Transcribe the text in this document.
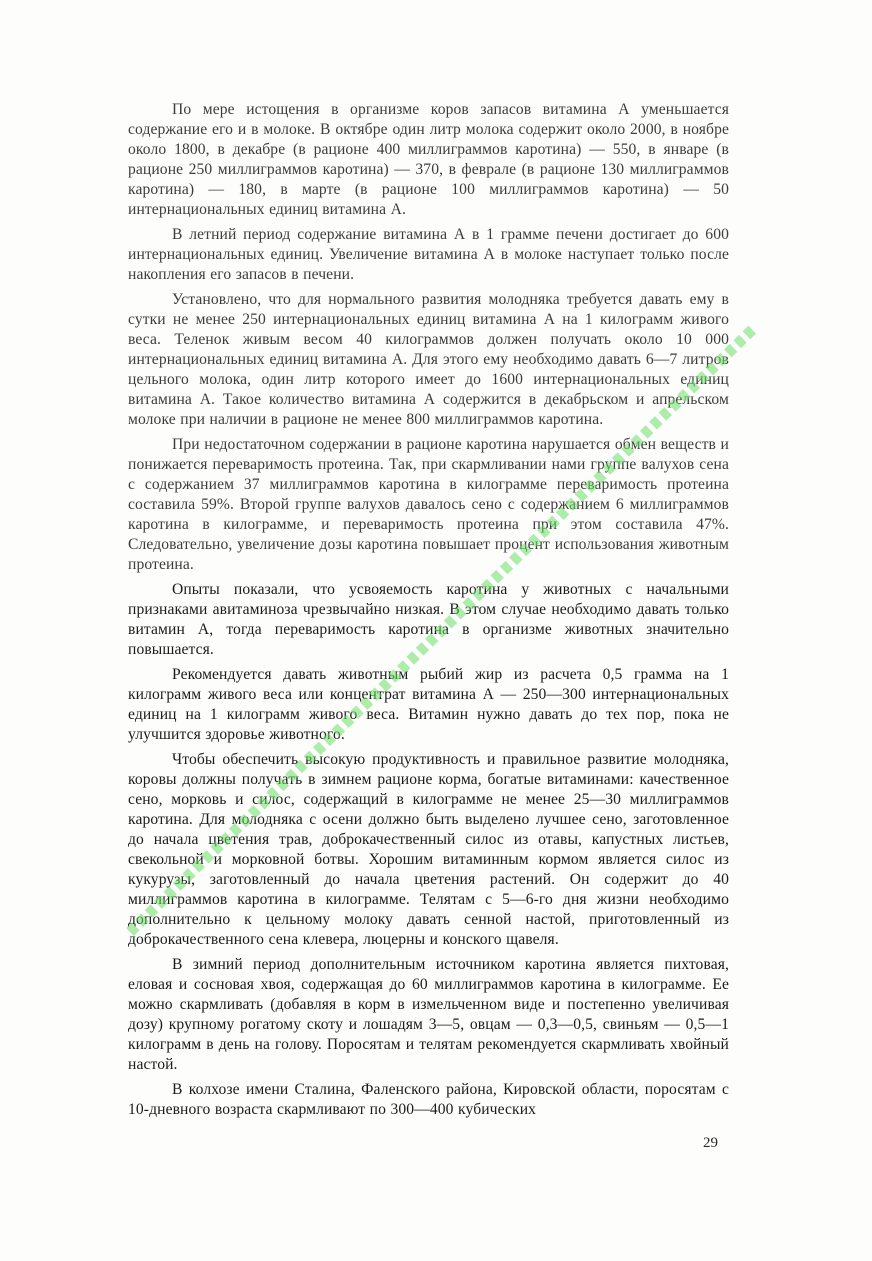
По мере истощения в организме коров запасов витамина А уменьшается содержание его и в молоке. В октябре один литр молока содержит около 2000, в ноябре около 1800, в декабре (в рационе 400 миллиграммов каротина) — 550, в январе (в рационе 250 миллиграммов каротина) — 370, в феврале (в рационе 130 миллиграммов каротина) — 180, в марте (в рационе 100 миллиграммов каротина) — 50 интернациональных единиц витамина А.

В летний период содержание витамина А в 1 грамме печени достигает до 600 интернациональных единиц. Увеличение витамина А в молоке наступает только после накопления его запасов в печени.

Установлено, что для нормального развития молодняка требуется давать ему в сутки не менее 250 интернациональных единиц витамина А на 1 килограмм живого веса. Теленок живым весом 40 килограммов должен получать около 10 000 интернациональных единиц витамина А. Для этого ему необходимо давать 6—7 литров цельного молока, один литр которого имеет до 1600 интернациональных единиц витамина А. Такое количество витамина А содержится в декабрьском и апрельском молоке при наличии в рационе не менее 800 миллиграммов каротина.

При недостаточном содержании в рационе каротина нарушается обмен веществ и понижается переваримость протеина. Так, при скармливании нами группе валухов сена с содержанием 37 миллиграммов каротина в килограмме переваримость протеина составила 59%. Второй группе валухов давалось сено с содержанием 6 миллиграммов каротина в килограмме, и переваримость протеина при этом составила 47%. Следовательно, увеличение дозы каротина повышает процент использования животным протеина.

Опыты показали, что усвояемость каротина у животных с начальными признаками авитаминоза чрезвычайно низкая. В этом случае необходимо давать только витамин А, тогда переваримость каротина в организме животных значительно повышается.

Рекомендуется давать животным рыбий жир из расчета 0,5 грамма на 1 килограмм живого веса или концентрат витамина А — 250—300 интернациональных единиц на 1 килограмм живого веса. Витамин нужно давать до тех пор, пока не улучшится здоровье животного.

Чтобы обеспечить высокую продуктивность и правильное развитие молодняка, коровы должны получать в зимнем рационе корма, богатые витаминами: качественное сено, морковь и силос, содержащий в килограмме не менее 25—30 миллиграммов каротина. Для молодняка с осени должно быть выделено лучшее сено, заготовленное до начала цветения трав, доброкачественный силос из отавы, капустных листьев, свекольной и морковной ботвы. Хорошим витаминным кормом является силос из кукурузы, заготовленный до начала цветения растений. Он содержит до 40 миллиграммов каротина в килограмме. Телятам с 5—6-го дня жизни необходимо дополнительно к цельному молоку давать сенной настой, приготовленный из доброкачественного сена клевера, люцерны и конского щавеля.

В зимний период дополнительным источником каротина является пихтовая, еловая и сосновая хвоя, содержащая до 60 миллиграммов каротина в килограмме. Ее можно скармливать (добавляя в корм в измельченном виде и постепенно увеличивая дозу) крупному рогатому скоту и лошадям 3—5, овцам — 0,3—0,5, свиньям — 0,5—1 килограмм в день на голову. Поросятам и телятам рекомендуется скармливать хвойный настой.

В колхозе имени Сталина, Фаленского района, Кировской области, поросятам с 10-дневного возраста скармливают по 300—400 кубических

29
